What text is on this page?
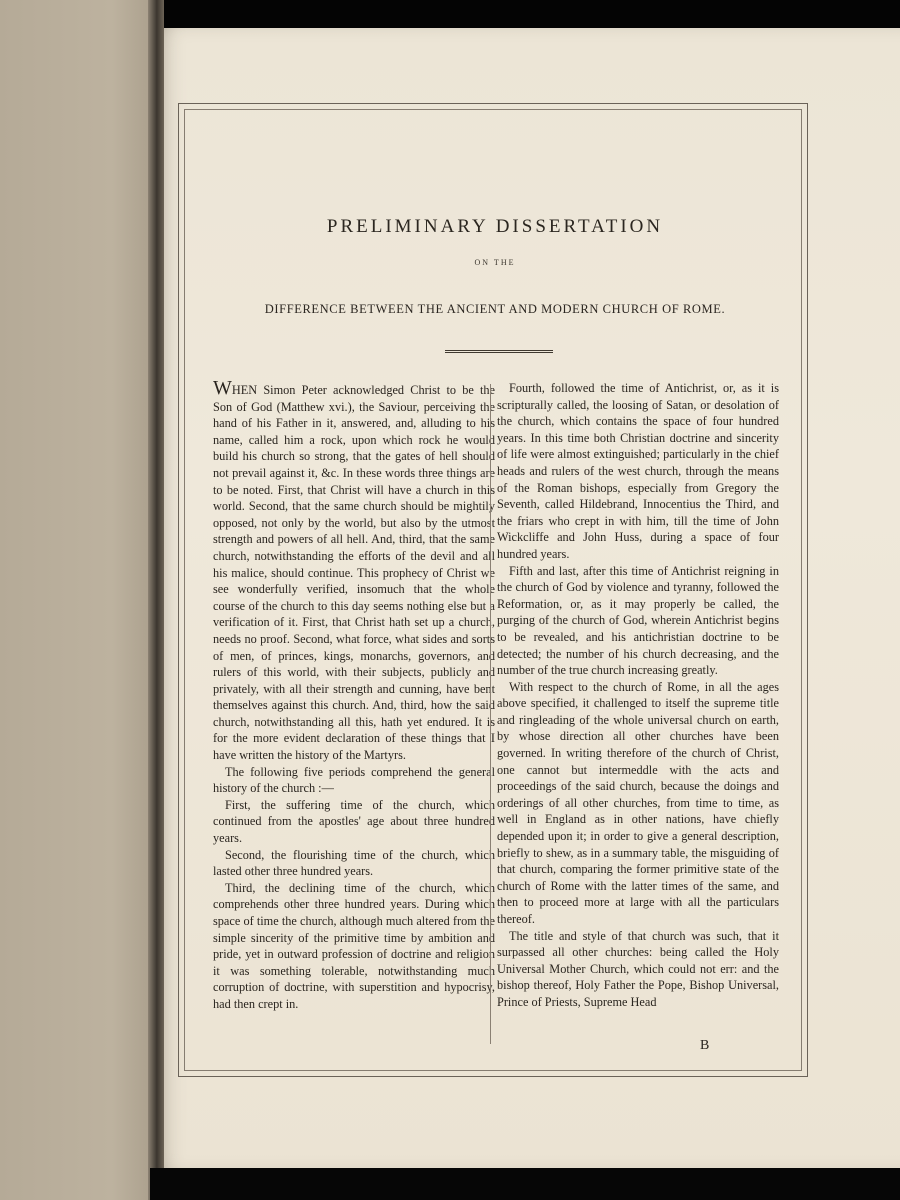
PRELIMINARY DISSERTATION
ON THE
DIFFERENCE BETWEEN THE ANCIENT AND MODERN CHURCH OF ROME.

WHEN Simon Peter acknowledged Christ to be the Son of God (Matthew xvi.), the Saviour, perceiving the hand of his Father in it, answered, and, alluding to his name, called him a rock, upon which rock he would build his church so strong, that the gates of hell should not prevail against it, &c. In these words three things are to be noted. First, that Christ will have a church in this world. Second, that the same church should be mightily opposed, not only by the world, but also by the utmost strength and powers of all hell. And, third, that the same church, notwithstanding the efforts of the devil and all his malice, should continue. This prophecy of Christ we see wonderfully verified, insomuch that the whole course of the church to this day seems nothing else but a verification of it. First, that Christ hath set up a church, needs no proof. Second, what force, what sides and sorts of men, of princes, kings, monarchs, governors, and rulers of this world, with their subjects, publicly and privately, with all their strength and cunning, have bent themselves against this church. And, third, how the said church, notwithstanding all this, hath yet endured. It is for the more evident declaration of these things that I have written the history of the Martyrs.

The following five periods comprehend the general history of the church :—

First, the suffering time of the church, which continued from the apostles' age about three hundred years.

Second, the flourishing time of the church, which lasted other three hundred years.

Third, the declining time of the church, which comprehends other three hundred years. During which space of time the church, although much altered from the simple sincerity of the primitive time by ambition and pride, yet in outward profession of doctrine and religion it was something tolerable, notwithstanding much corruption of doctrine, with superstition and hypocrisy, had then crept in.

Fourth, followed the time of Antichrist, or, as it is scripturally called, the loosing of Satan, or desolation of the church, which contains the space of four hundred years. In this time both Christian doctrine and sincerity of life were almost extinguished; particularly in the chief heads and rulers of the west church, through the means of the Roman bishops, especially from Gregory the Seventh, called Hildebrand, Innocentius the Third, and the friars who crept in with him, till the time of John Wickcliffe and John Huss, during a space of four hundred years.

Fifth and last, after this time of Antichrist reigning in the church of God by violence and tyranny, followed the Reformation, or, as it may properly be called, the purging of the church of God, wherein Antichrist begins to be revealed, and his antichristian doctrine to be detected; the number of his church decreasing, and the number of the true church increasing greatly.

With respect to the church of Rome, in all the ages above specified, it challenged to itself the supreme title and ringleading of the whole universal church on earth, by whose direction all other churches have been governed. In writing therefore of the church of Christ, one cannot but intermeddle with the acts and proceedings of the said church, because the doings and orderings of all other churches, from time to time, as well in England as in other nations, have chiefly depended upon it; in order to give a general description, briefly to shew, as in a summary table, the misguiding of that church, comparing the former primitive state of the church of Rome with the latter times of the same, and then to proceed more at large with all the particulars thereof.

The title and style of that church was such, that it surpassed all other churches: being called the Holy Universal Mother Church, which could not err: and the bishop thereof, Holy Father the Pope, Bishop Universal, Prince of Priests, Supreme Head

B
